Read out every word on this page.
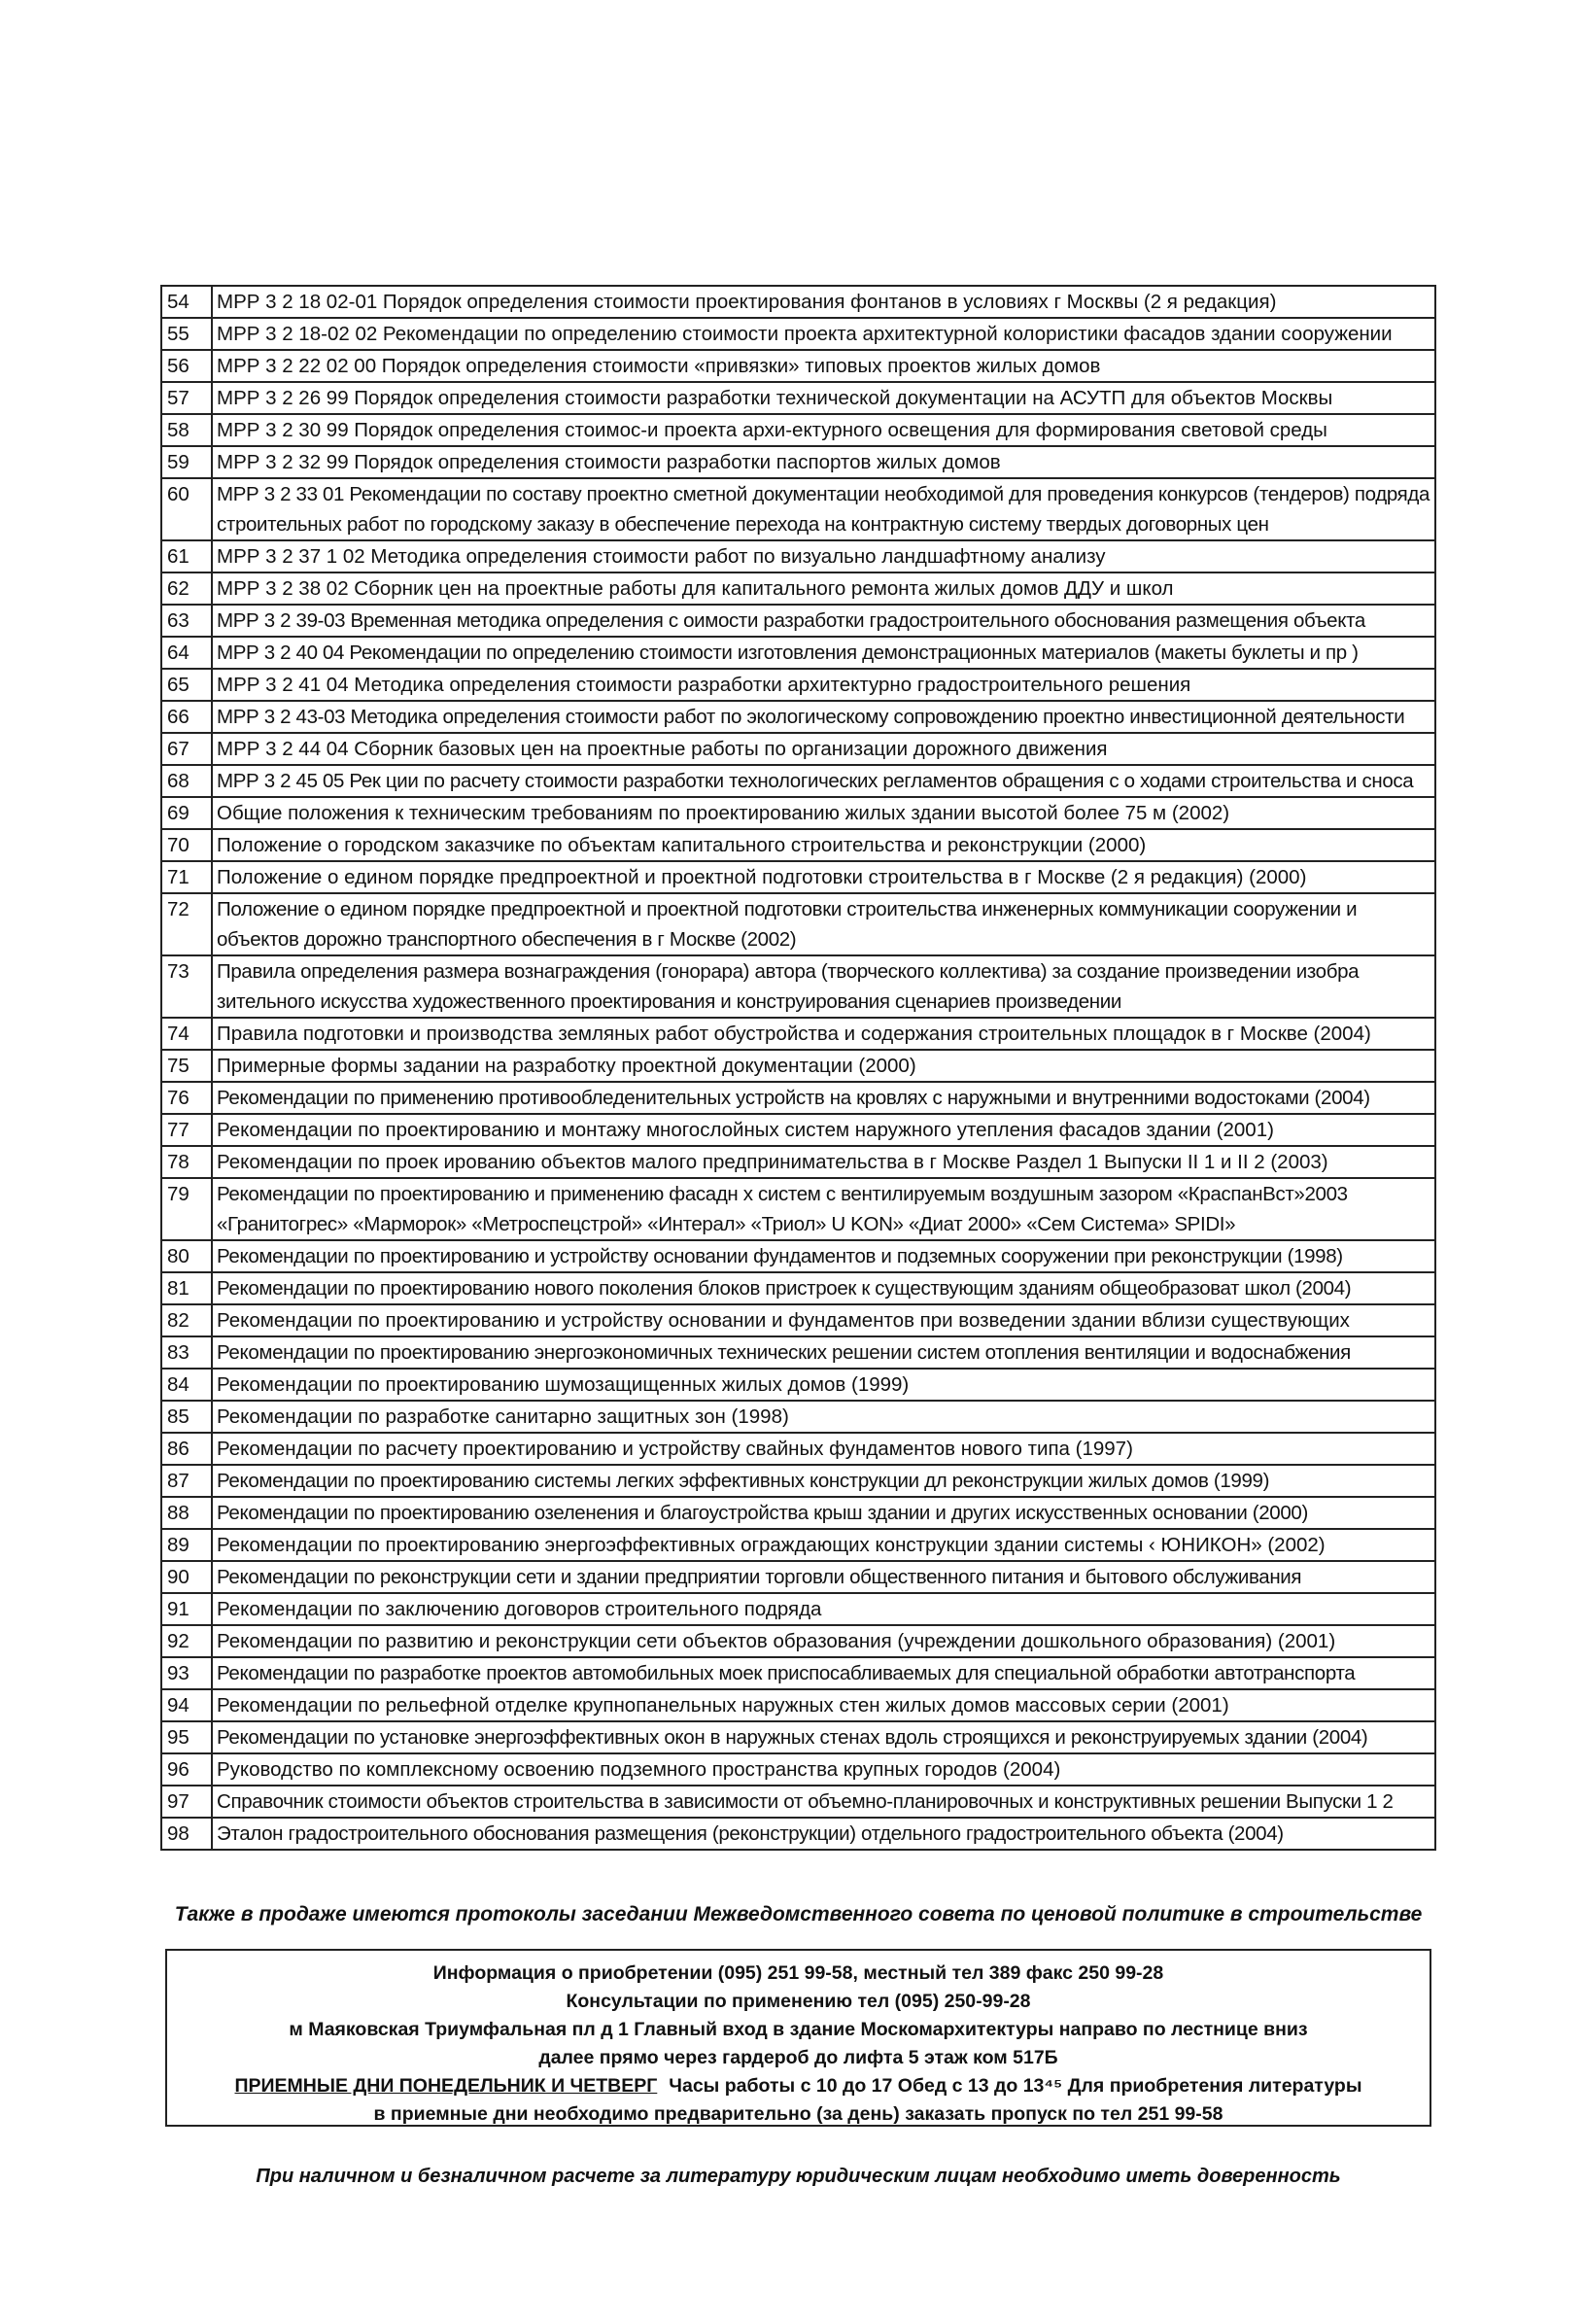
54	МРР 3 2 18 02-01 Порядок определения стоимости проектирования фонтанов в условиях г Москвы (2 я редакция)
55	МРР 3 2 18-02 02 Рекомендации по определению стоимости проекта архитектурной колористики фасадов здании сооружении
56	МРР 3 2 22 02 00 Порядок определения стоимости «привязки» типовых проектов жилых домов
57	МРР 3 2 26 99 Порядок определения стоимости разработки технической документации на АСУТП для объектов Москвы
58	МРР 3 2 30 99 Порядок определения стоимос-и проекта архи-ектурного освещения для формирования световой среды
59	МРР 3 2 32 99 Порядок определения стоимости разработки паспортов жилых домов
60	МРР 3 2 33 01 Рекомендации по составу проектно сметной документации необходимой для проведения конкурсов (тендеров) подряда строительных работ по городскому заказу в обеспечение перехода на контрактную систему твердых договорных цен
61	МРР 3 2 37 1 02 Методика определения стоимости работ по визуально ландшафтному анализу
62	МРР 3 2 38 02 Сборник цен на проектные работы для капитального ремонта жилых домов ДДУ и школ
63	МРР 3 2 39-03 Временная методика определения с оимости разработки градостроительного обоснования размещения объекта
64	МРР 3 2 40 04 Рекомендации по определению стоимости изготовления демонстрационных материалов (макеты буклеты и пр )
65	МРР 3 2 41 04 Методика определения стоимости разработки архитектурно градостроительного решения
66	МРР 3 2 43-03 Методика определения стоимости работ по экологическому сопровождению проектно инвестиционной деятельности
67	МРР 3 2 44 04 Сборник базовых цен на проектные работы по организации дорожного движения
68	МРР 3 2 45 05 Рек ции по расчету стоимости разработки технологических регламентов обращения с о ходами строительства и сноса
69	Общие положения к техническим требованиям по проектированию жилых здании высотой более 75 м (2002)
70	Положение о городском заказчике по объектам капитального строительства и реконструкции (2000)
71	Положение о едином порядке предпроектной и проектной подготовки строительства в г Москве (2 я редакция) (2000)
72	Положение о едином порядке предпроектной и проектной подготовки строительства инженерных коммуникации сооружении и объектов дорожно транспортного обеспечения в г Москве (2002)
73	Правила определения размера вознаграждения (гонорара) автора (творческого коллектива) за создание произведении изобра зительного искусства художественного проектирования и конструирования сценариев произведении
74	Правила подготовки и производства земляных работ обустройства и содержания строительных площадок в г Москве (2004)
75	Примерные формы задании на разработку проектной документации (2000)
76	Рекомендации по применению противообледенительных устройств на кровлях с наружными и внутренними водостоками (2004)
77	Рекомендации по проектированию и монтажу многослойных систем наружного утепления фасадов здании (2001)
78	Рекомендации по проек ированию объектов малого предпринимательства в г Москве Раздел 1 Выпуски II 1 и II 2 (2003)
79	Рекомендации по проектированию и применению фасадн х систем с вентилируемым воздушным зазором «КраспанВст»2003 «Гранитогрес» «Марморок» «Метроспецстрой» «Интерал» «Триол» U KON» «Диат 2000» «Сем Система» SPIDI»
80	Рекомендации по проектированию и устройству основании фундаментов и подземных сооружении при реконструкции (1998)
81	Рекомендации по проектированию нового поколения блоков пристроек к существующим зданиям общеобразоват школ (2004)
82	Рекомендации по проектированию и устройству основании и фундаментов при возведении здании вблизи существующих
83	Рекомендации по проектированию энергоэкономичных технических решении систем отопления вентиляции и водоснабжения
84	Рекомендации по проектированию шумозащищенных жилых домов (1999)
85	Рекомендации по разработке санитарно защитных зон (1998)
86	Рекомендации по расчету проектированию и устройству свайных фундаментов нового типа (1997)
87	Рекомендации по проектированию системы легких эффективных конструкции дл реконструкции жилых домов (1999)
88	Рекомендации по проектированию озеленения и благоустройства крыш здании и других искусственных основании (2000)
89	Рекомендации по проектированию энергоэффективных ограждающих конструкции здании системы ‹ ЮНИКОН» (2002)
90	Рекомендации по реконструкции сети и здании предприятии торговли общественного питания и бытового обслуживания
91	Рекомендации по заключению договоров строительного подряда
92	Рекомендации по развитию и реконструкции сети объектов образования (учреждении дошкольного образования) (2001)
93	Рекомендации по разработке проектов автомобильных моек приспосабливаемых для специальной обработки автотранспорта
94	Рекомендации по рельефной отделке крупнопанельных наружных стен жилых домов массовых серии (2001)
95	Рекомендации по установке энергоэффективных окон в наружных стенах вдоль строящихся и реконструируемых здании (2004)
96	Руководство по комплексному освоению подземного пространства крупных городов (2004)
97	Справочник стоимости объектов строительства в зависимости от объемно-планировочных и конструктивных решении Выпуски 1 2
98	Эталон градостроительного обоснования размещения (реконструкции) отдельного градостроительного объекта (2004)
Также в продаже имеются протоколы заседании Межведомственного совета по ценовой политике в строительстве
Информация о приобретении (095) 251 99-58, местный тел 389 факс 250 99-28
Консультации по применению тел (095) 250-99-28
м Маяковская Триумфальная пл д 1 Главный вход в здание Москомархитектуры направо по лестнице вниз
далее прямо через гардероб до лифта 5 этаж ком 517Б
ПРИЕМНЫЕ ДНИ ПОНЕДЕЛЬНИК И ЧЕТВЕРГ Часы работы с 10 до 17 Обед с 13 до 13⁴⁵ Для приобретения литературы
в приемные дни необходимо предварительно (за день) заказать пропуск по тел 251 99-58
При наличном и безналичном расчете за литературу юридическим лицам необходимо иметь доверенность
